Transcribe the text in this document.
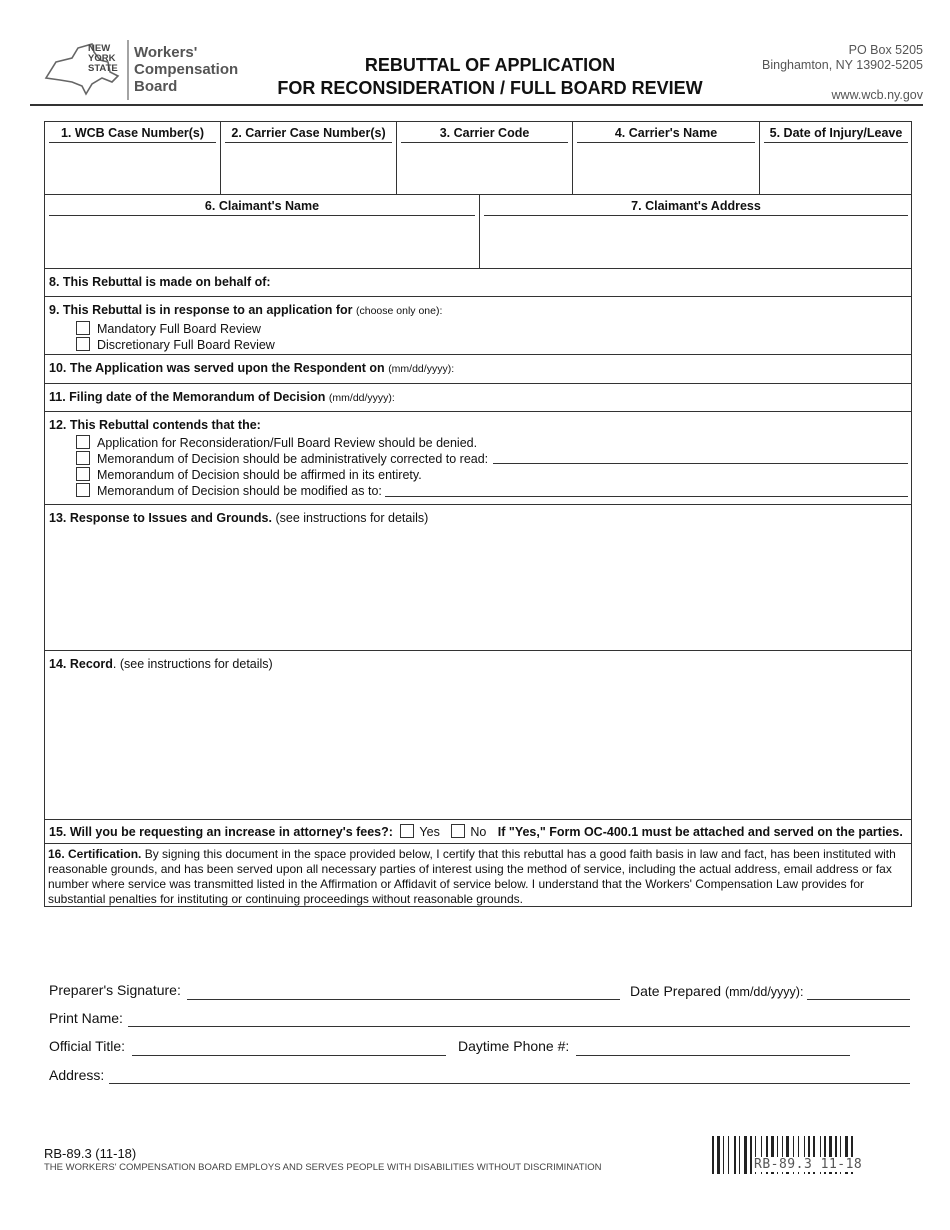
NEW YORK STATE
Workers'
Compensation
Board
REBUTTAL OF APPLICATION
FOR RECONSIDERATION / FULL BOARD REVIEW
PO Box 5205
Binghamton, NY 13902-5205
www.wcb.ny.gov
1. WCB Case Number(s)	2. Carrier Case Number(s)	3. Carrier Code	4. Carrier's Name	5. Date of Injury/Leave
6. Claimant's Name	7. Claimant's Address
8. This Rebuttal is made on behalf of:
9. This Rebuttal is in response to an application for (choose only one):
Mandatory Full Board Review
Discretionary Full Board Review
10. The Application was served upon the Respondent on (mm/dd/yyyy):
11. Filing date of the Memorandum of Decision (mm/dd/yyyy):
12. This Rebuttal contends that the:
Application for Reconsideration/Full Board Review should be denied.
Memorandum of Decision should be administratively corrected to read:
Memorandum of Decision should be affirmed in its entirety.
Memorandum of Decision should be modified as to:
13. Response to Issues and Grounds. (see instructions for details)
14. Record. (see instructions for details)
15. Will you be requesting an increase in attorney's fees?: Yes No If "Yes," Form OC-400.1 must be attached and served on the parties.
16. Certification. By signing this document in the space provided below, I certify that this rebuttal has a good faith basis in law and fact, has been instituted with reasonable grounds, and has been served upon all necessary parties of interest using the method of service, including the actual address, email address or fax number where service was transmitted listed in the Affirmation or Affidavit of service below. I understand that the Workers' Compensation Law provides for substantial penalties for instituting or continuing proceedings without reasonable grounds.
Preparer's Signature:	Date Prepared (mm/dd/yyyy):
Print Name:
Official Title:	Daytime Phone #:
Address:
RB-89.3 (11-18)
THE WORKERS' COMPENSATION BOARD EMPLOYS AND SERVES PEOPLE WITH DISABILITIES WITHOUT DISCRIMINATION	RB-89.3 11-18
